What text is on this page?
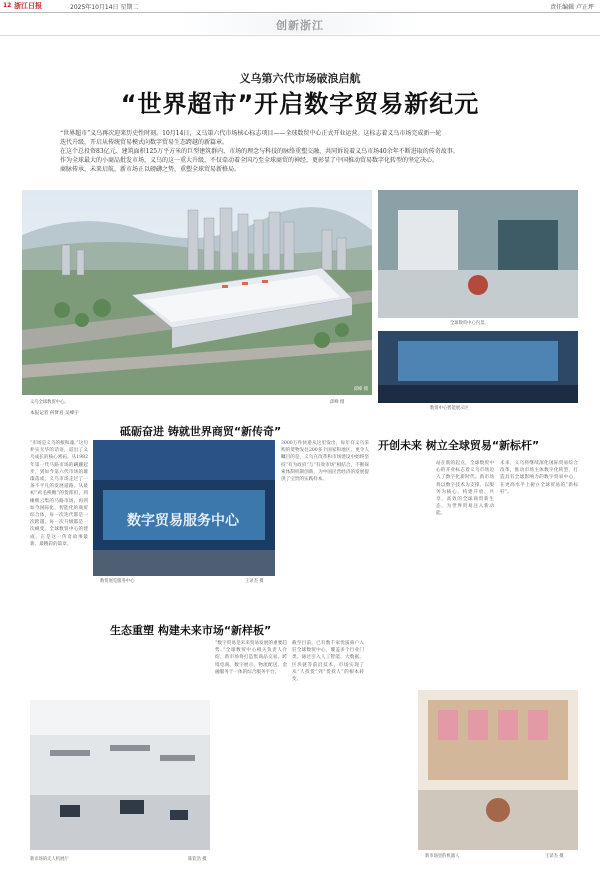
12 浙江日报	2025年10月14日 星期二	责任编辑 卢正坪
创新浙江
义乌第六代市场破浪启航
“世界超市”开启数字贸易新纪元
“世界超市”义乌再次迎来历史性时刻。10月14日，义乌第六代市场核心标志项目——全球数贸中心正式开业运营。这标志着义乌市场完成新一轮
迭代升级，开启从传统贸易模式向数字贸易生态跨越的新篇章。
在这个总投资83亿元、建筑面积125万平方米的巨型建筑群内，市场的理念与科技的脉络重塑交融，共同诉说着义乌市场40余年不断进取的传奇故事。
作为全球最大的小商品批发市场，义乌的这一重大升级，不仅牵动着全国乃至全球商贸的神经，更彰显了中国推动贸易数字化转型的坚定决心。
商脉传承，未来启航。新市场正以磅礴之势，重塑全球贸易新格局。
邱峰 摄
义乌全球数贸中心。	邱峰 摄
全球数贸中心内景。
数贸中心智能展示区
本报记者 何贤君 吴峰宇
砥砺奋进 铸就世界商贸“新传奇”
“市场是义乌的根和魂。”这句朴实无华的话语，道出了义乌成长的核心密码。从1982年第一代马路市场的蹒跚起步，到如今第六代市场的璀璨落成，义乌市场走过了一条不平凡的发展道路。从最初“鸡毛换糖”的货郎担，到摊贩云集的马路市场，再到如今国际化、智能化的商贸综合体，每一次迭代都是一次跨越，每一次升级都是一次蜕变。全球数贸中心的建成，正是这一传奇故事最新、最精彩的篇章。
数字贸易服务中心
数贸展览服务中心	王译杰 摄
3000万件快递从这里发出，每年有义乌采购的货物发往200多个国家和地区。更令人瞩目的是，义乌在改革和市场建设中始终坚持“有为政府”与“有效市场”相结合，不断探索体制机制创新，为中国民营经济的发展提供了宝贵的实践样本。
新市场里的机器人	王译杰 摄
开创未来 树立全球贸易“新标杆”
站在新的起点，全球数贸中心的开业标志着义乌市场迈入了数字化新时代。新市场将以数字技术为支撑，以服务为核心，构建开放、共享、高效的全球商贸新生态，为世界贸易注入新动能。
未来，义乌将继续深化国际贸易综合改革，推动市场主体数字化转型，打造具有全球影响力的数字贸易中心，在更高水平上树立全球贸易的“新标杆”。
生态重塑 构建未来市场“新样板”
新市场的无人机展厅	陈钦浩 摄
“数字贸易是未来贸易发展的重要趋势。”全球数贸中心相关负责人介绍，新市场将打造集商品交易、跨境电商、数字展示、物流配送、金融服务于一体的综合服务平台。
截至目前，已有数千家优质商户入驻全球数贸中心，覆盖多个行业门类。通过引入人工智能、大数据、区块链等前沿技术，市场实现了从“人找货”到“货找人”的根本转变。
